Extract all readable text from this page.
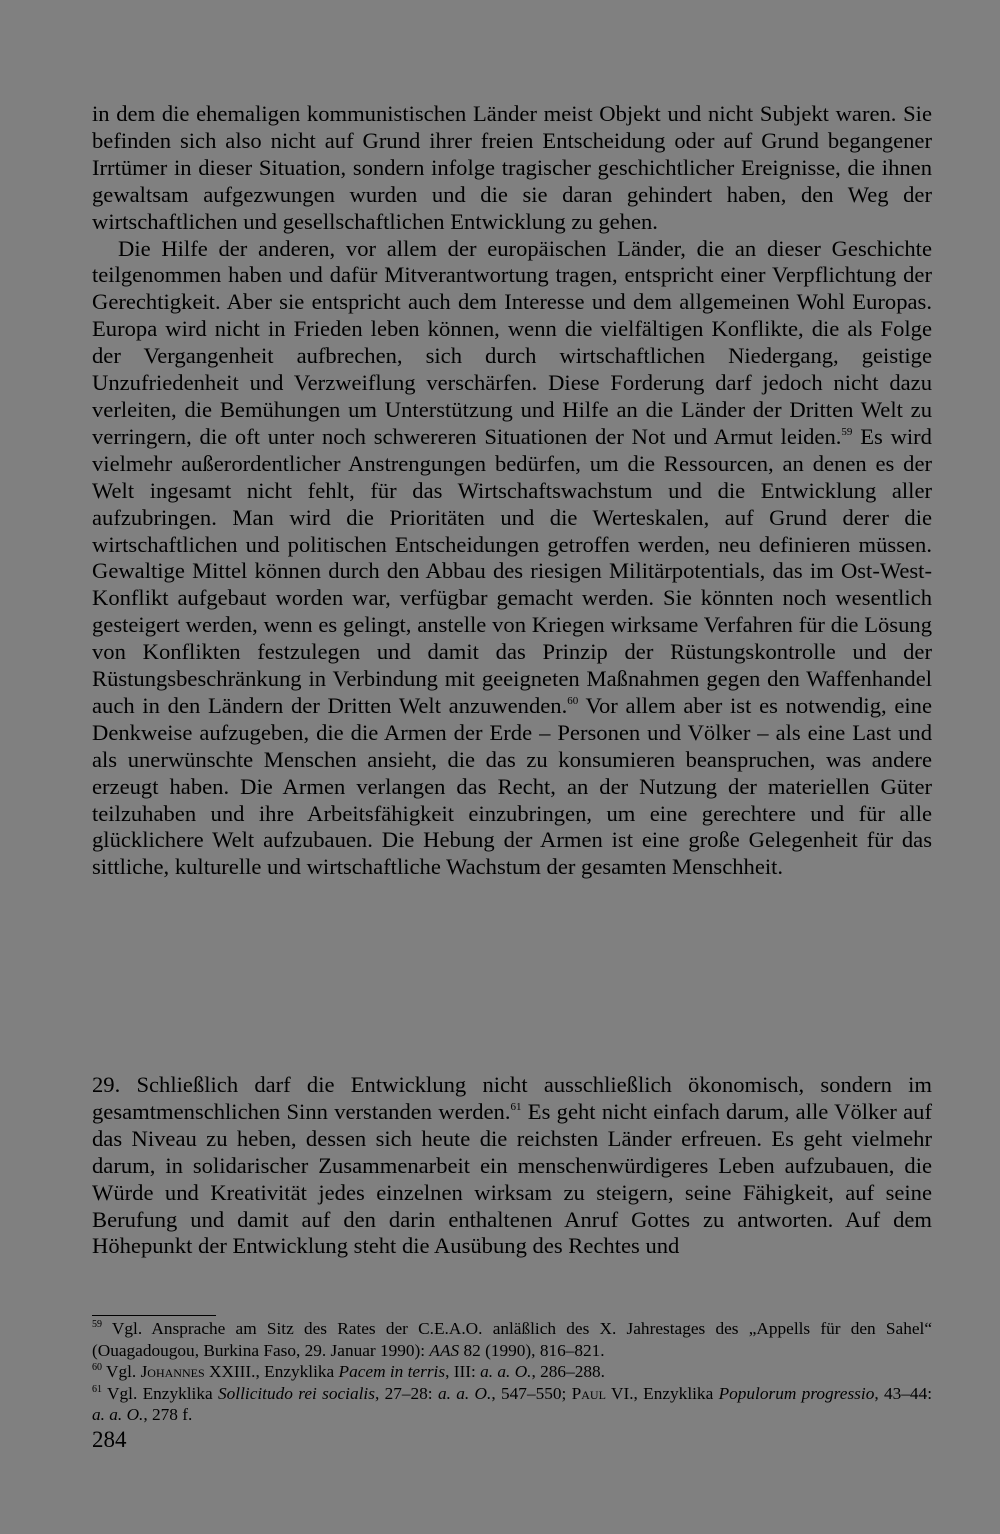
in dem die ehemaligen kommunistischen Länder meist Objekt und nicht Subjekt waren. Sie befinden sich also nicht auf Grund ihrer freien Entscheidung oder auf Grund begangener Irrtümer in dieser Situation, sondern infolge tragischer geschichtlicher Ereignisse, die ihnen gewaltsam aufgezwungen wurden und die sie daran gehindert haben, den Weg der wirtschaftlichen und gesellschaftlichen Entwicklung zu gehen.

Die Hilfe der anderen, vor allem der europäischen Länder, die an dieser Geschichte teilgenommen haben und dafür Mitverantwortung tragen, entspricht einer Verpflichtung der Gerechtigkeit. Aber sie entspricht auch dem Interesse und dem allgemeinen Wohl Europas. Europa wird nicht in Frieden leben können, wenn die vielfältigen Konflikte, die als Folge der Vergangenheit aufbrechen, sich durch wirtschaftlichen Niedergang, geistige Unzufriedenheit und Verzweiflung verschärfen. Diese Forderung darf jedoch nicht dazu verleiten, die Bemühungen um Unterstützung und Hilfe an die Länder der Dritten Welt zu verringern, die oft unter noch schwereren Situationen der Not und Armut leiden.$^{59}$ Es wird vielmehr außerordentlicher Anstrengungen bedürfen, um die Ressourcen, an denen es der Welt ingesamt nicht fehlt, für das Wirtschaftswachstum und die Entwicklung aller aufzubringen. Man wird die Prioritäten und die Werteskalen, auf Grund derer die wirtschaftlichen und politischen Entscheidungen getroffen werden, neu definieren müssen. Gewaltige Mittel können durch den Abbau des riesigen Militärpotentials, das im Ost-West-Konflikt aufgebaut worden war, verfügbar gemacht werden. Sie könnten noch wesentlich gesteigert werden, wenn es gelingt, anstelle von Kriegen wirksame Verfahren für die Lösung von Konflikten festzulegen und damit das Prinzip der Rüstungskontrolle und der Rüstungsbeschränkung in Verbindung mit geeigneten Maßnahmen gegen den Waffenhandel auch in den Ländern der Dritten Welt anzuwenden.$^{60}$ Vor allem aber ist es notwendig, eine Denkweise aufzugeben, die die Armen der Erde – Personen und Völker – als eine Last und als unerwünschte Menschen ansieht, die das zu konsumieren beanspruchen, was andere erzeugt haben. Die Armen verlangen das Recht, an der Nutzung der materiellen Güter teilzuhaben und ihre Arbeitsfähigkeit einzubringen, um eine gerechtere und für alle glücklichere Welt aufzubauen. Die Hebung der Armen ist eine große Gelegenheit für das sittliche, kulturelle und wirtschaftliche Wachstum der gesamten Menschheit.

29. Schließlich darf die Entwicklung nicht ausschließlich ökonomisch, sondern im gesamtmenschlichen Sinn verstanden werden.$^{61}$ Es geht nicht einfach darum, alle Völker auf das Niveau zu heben, dessen sich heute die reichsten Länder erfreuen. Es geht vielmehr darum, in solidarischer Zusammenarbeit ein menschenwürdigeres Leben aufzubauen, die Würde und Kreativität jedes einzelnen wirksam zu steigern, seine Fähigkeit, auf seine Berufung und damit auf den darin enthaltenen Anruf Gottes zu antworten. Auf dem Höhepunkt der Entwicklung steht die Ausübung des Rechtes und

$^{59}$ Vgl. Ansprache am Sitz des Rates der C.E.A.O. anläßlich des X. Jahrestages des „Appells für den Sahel“ (Ouagadougou, Burkina Faso, 29. Januar 1990): AAS 82 (1990), 816–821.

$^{60}$ Vgl. Johannes XXIII., Enzyklika Pacem in terris, III: a. a. O., 286–288.

$^{61}$ Vgl. Enzyklika Sollicitudo rei socialis, 27–28: a. a. O., 547–550; Paul VI., Enzyklika Populorum progressio, 43–44: a. a. O., 278 f.

284
